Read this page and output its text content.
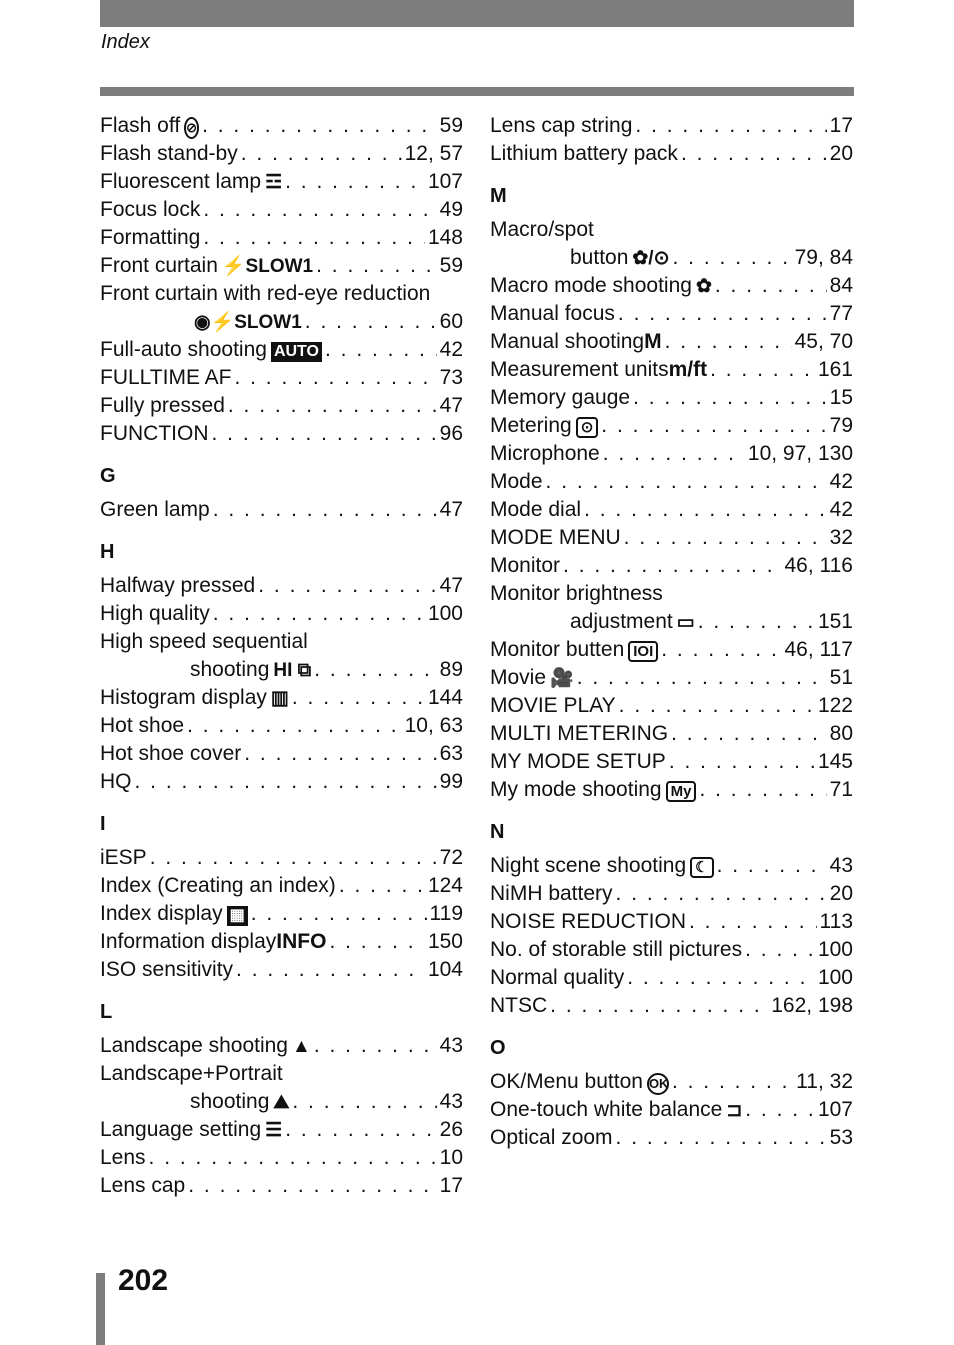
Index
Flash off ⊘ . . .	59
Flash stand-by . . .	12, 57
Fluorescent lamp ☲ . . .	107
Focus lock . . .	49
Formatting . . .	148
Front curtain ⚡SLOW1 . . .	59
Front curtain with red-eye reduction
◉⚡SLOW1 . . .	60
Full-auto shooting AUTO . . .	42
FULLTIME AF . . .	73
Fully pressed . . .	47
FUNCTION . . .	96
G
Green lamp . . .	47
H
Halfway pressed . . .	47
High quality . . .	100
High speed sequential
shooting HI ⧉ . . .	89
Histogram display ▥ . . .	144
Hot shoe . . .	10, 63
Hot shoe cover . . .	63
HQ . . .	99
I
iESP . . .	72
Index (Creating an index) . . .	124
Index display ▦ . . .	119
Information display INFO . . .	150
ISO sensitivity . . .	104
L
Landscape shooting ▲ . . .	43
Landscape+Portrait
shooting ⛰ . . .	43
Language setting ☰ . . .	26
Lens . . .	10
Lens cap . . .	17
Lens cap string . . .	17
Lithium battery pack . . .	20
M
Macro/spot
button ✿/⊙ . . .	79, 84
Macro mode shooting ✿ . . .	84
Manual focus . . .	77
Manual shooting M . . .	45, 70
Measurement units m/ft . . .	161
Memory gauge . . .	15
Metering ⊙ . . .	79
Microphone . . .	10, 97, 130
Mode . . .	42
Mode dial . . .	42
MODE MENU . . .	32
Monitor . . .	46, 116
Monitor brightness
adjustment ▭ . . .	151
Monitor butten IOI . . .	46, 117
Movie 🎥 . . .	51
MOVIE PLAY . . .	122
MULTI METERING . . .	80
MY MODE SETUP . . .	145
My mode shooting My . . .	71
N
Night scene shooting ☾ . . .	43
NiMH battery . . .	20
NOISE REDUCTION . . .	113
No. of storable still pictures . . .	100
Normal quality . . .	100
NTSC . . .	162, 198
O
OK/Menu button OK . . .	11, 32
One-touch white balance ⊐ . . .	107
Optical zoom . . .	53
202
